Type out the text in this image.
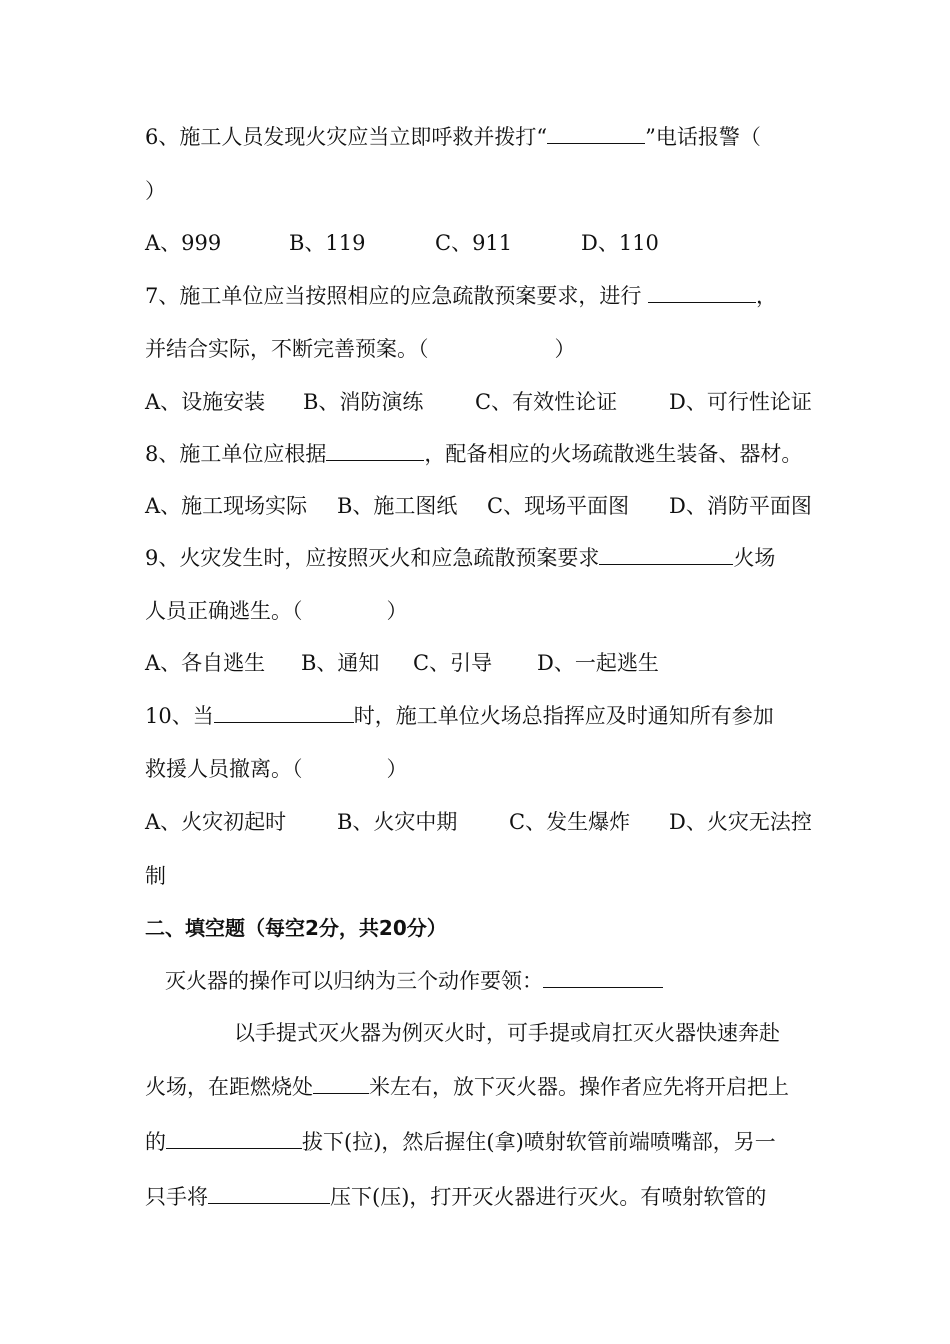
6、施工人员发现火灾应当立即呼救并拨打“	”电话报警（
）
A、999	B、119	C、911	D、110
7、施工单位应当按照相应的应急疏散预案要求，进行	，
并结合实际，不断完善预案。（　　　　　　）
A、设施安装 B、消防演练 C、有效性论证 D、可行性论证
8、施工单位应根据	，配备相应的火场疏散逃生装备、器材。
A、施工现场实际 B、施工图纸 C、现场平面图 D、消防平面图
9、火灾发生时，应按照灭火和应急疏散预案要求	火场
人员正确逃生。（　　　　）
A、各自逃生 B、通知 C、引导 D、一起逃生
10、当	时，施工单位火场总指挥应及时通知所有参加
救援人员撤离。（　　　　）
A、火灾初起时 B、火灾中期 C、发生爆炸 D、火灾无法控
制
二、填空题（每空2分，共20分）
灭火器的操作可以归纳为三个动作要领：
以手提式灭火器为例灭火时，可手提或肩扛灭火器快速奔赴
火场，在距燃烧处	米左右，放下灭火器。操作者应先将开启把上
的	拔下(拉)，然后握住(拿)喷射软管前端喷嘴部，另一
只手将	压下(压)，打开灭火器进行灭火。有喷射软管的
